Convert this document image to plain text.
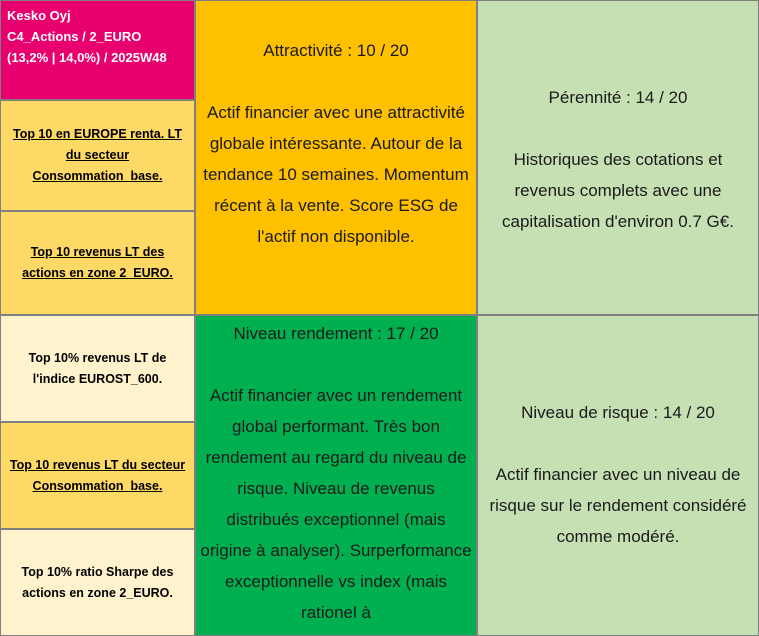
Kesko Oyj
C4_Actions / 2_EURO
(13,2% | 14,0%) / 2025W48
Top 10 en EUROPE renta. LT du secteur Consommation_base.
Top 10 revenus LT des actions en zone 2_EURO.
Top 10% revenus LT de l'indice EUROST_600.
Top 10 revenus LT du secteur Consommation_base.
Top 10% ratio Sharpe des actions en zone 2_EURO.
Attractivité : 10 / 20
Actif financier avec une attractivité globale intéressante. Autour de la tendance 10 semaines. Momentum récent à la vente. Score ESG de l'actif non disponible.
Pérennité : 14 / 20
Historiques des cotations et revenus complets avec une capitalisation d'environ 0.7 G€.
Niveau rendement : 17 / 20
Actif financier avec un rendement global performant. Très bon rendement au regard du niveau de risque. Niveau de revenus distribués exceptionnel (mais origine à analyser). Surperformance exceptionnelle vs index (mais rationel à
Niveau de risque : 14 / 20
Actif financier avec un niveau de risque sur le rendement considéré comme modéré.
